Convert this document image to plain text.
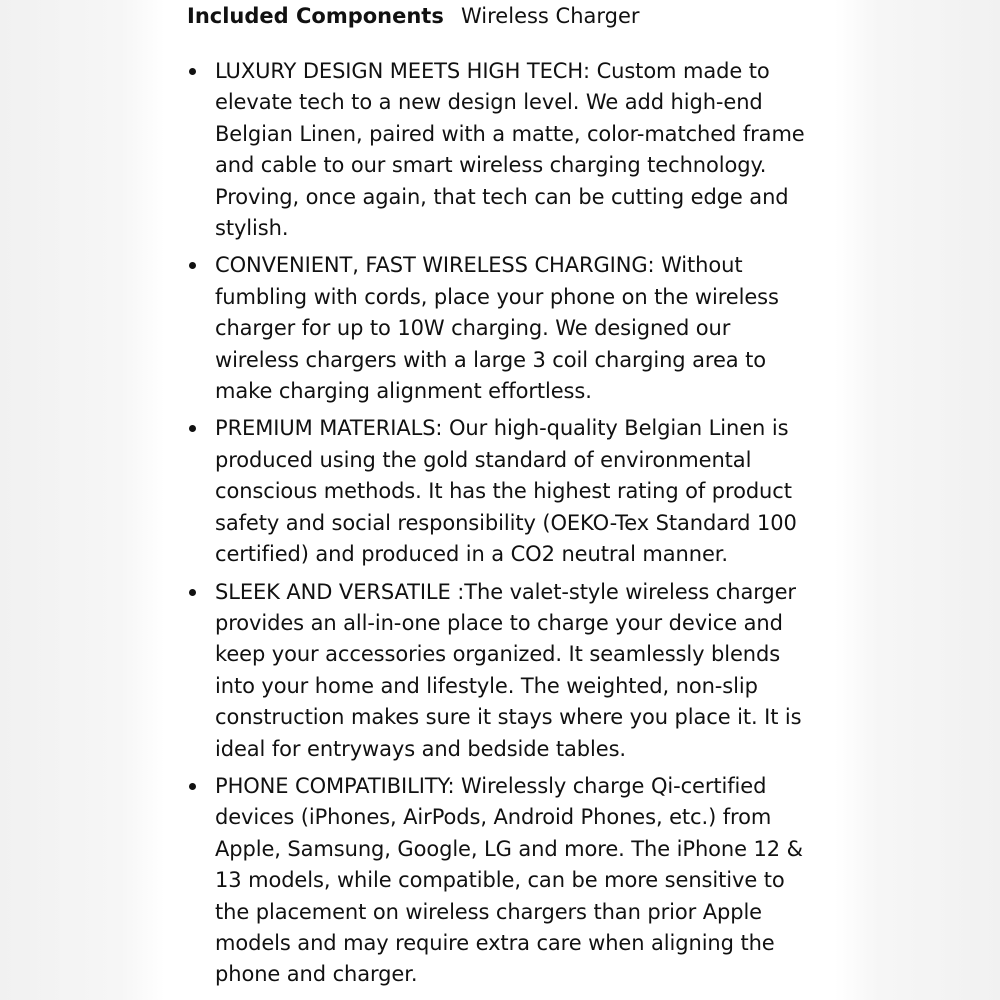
Included Components Wireless Charger
LUXURY DESIGN MEETS HIGH TECH: Custom made to elevate tech to a new design level. We add high-end Belgian Linen, paired with a matte, color-matched frame and cable to our smart wireless charging technology. Proving, once again, that tech can be cutting edge and stylish.
CONVENIENT, FAST WIRELESS CHARGING: Without fumbling with cords, place your phone on the wireless charger for up to 10W charging. We designed our wireless chargers with a large 3 coil charging area to make charging alignment effortless.
PREMIUM MATERIALS: Our high-quality Belgian Linen is produced using the gold standard of environmental conscious methods. It has the highest rating of product safety and social responsibility (OEKO-Tex Standard 100 certified) and produced in a CO2 neutral manner.
SLEEK AND VERSATILE :The valet-style wireless charger provides an all-in-one place to charge your device and keep your accessories organized. It seamlessly blends into your home and lifestyle. The weighted, non-slip construction makes sure it stays where you place it. It is ideal for entryways and bedside tables.
PHONE COMPATIBILITY: Wirelessly charge Qi-certified devices (iPhones, AirPods, Android Phones, etc.) from Apple, Samsung, Google, LG and more. The iPhone 12 & 13 models, while compatible, can be more sensitive to the placement on wireless chargers than prior Apple models and may require extra care when aligning the phone and charger.
